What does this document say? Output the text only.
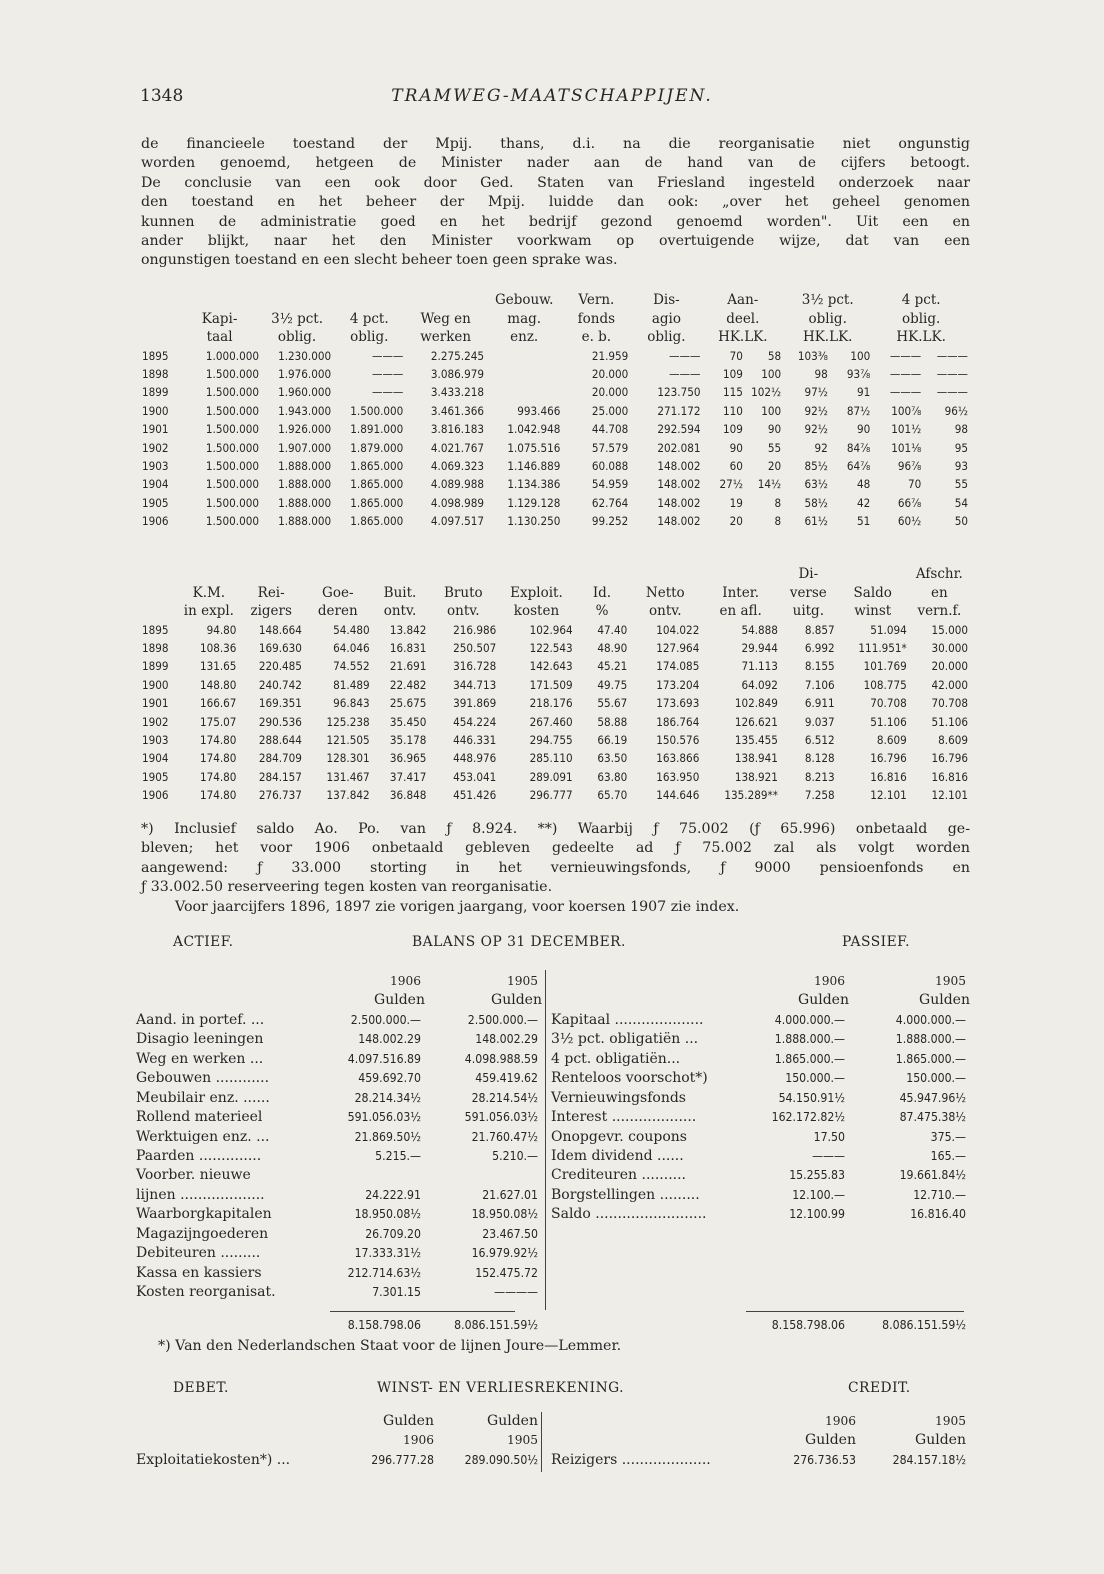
1348	TRAMWEG-MAATSCHAPPIJEN.
de financieele toestand der Mpij. thans, d.i. na die reorganisatie niet ongunstig
worden genoemd, hetgeen de Minister nader aan de hand van de cijfers betoogt.
De conclusie van een ook door Ged. Staten van Friesland ingesteld onderzoek naar
den toestand en het beheer der Mpij. luidde dan ook: „over het geheel genomen
kunnen de administratie goed en het bedrijf gezond genoemd worden". Uit een en
ander blijkt, naar het den Minister voorkwam op overtuigende wijze, dat van een
ongunstigen toestand en een slecht beheer toen geen sprake was.
					Gebouw.	Vern.	Dis-	Aan-		3½ pct.		4 pct.	
	Kapi-	3½ pct.	4 pct.	Weg en	mag.	fonds	agio	deel.		oblig.		oblig.	
	taal	oblig.	oblig.	werken	enz.	e. b.	oblig.	HK.LK.		HK.LK.		HK.LK.	
1895	1.000.000	1.230.000	———	2.275.245		21.959	———	70	58	103⅜	100	———	———
1898	1.500.000	1.976.000	———	3.086.979		20.000	———	109	100	98	93⅞	———	———
1899	1.500.000	1.960.000	———	3.433.218		20.000	123.750	115	102½	97½	91	———	———
1900	1.500.000	1.943.000	1.500.000	3.461.366	993.466	25.000	271.172	110	100	92½	87½	100⅞	96½
1901	1.500.000	1.926.000	1.891.000	3.816.183	1.042.948	44.708	292.594	109	90	92½	90	101½	98
1902	1.500.000	1.907.000	1.879.000	4.021.767	1.075.516	57.579	202.081	90	55	92	84⅞	101⅛	95
1903	1.500.000	1.888.000	1.865.000	4.069.323	1.146.889	60.088	148.002	60	20	85½	64⅞	96⅞	93
1904	1.500.000	1.888.000	1.865.000	4.089.988	1.134.386	54.959	148.002	27½	14½	63½	48	70	55
1905	1.500.000	1.888.000	1.865.000	4.098.989	1.129.128	62.764	148.002	19	8	58½	42	66⅞	54
1906	1.500.000	1.888.000	1.865.000	4.097.517	1.130.250	99.252	148.002	20	8	61½	51	60½	50
										Di-		Afschr.
	K.M.	Rei-	Goe-	Buit.	Bruto	Exploit.	Id.	Netto	Inter.	verse	Saldo	en
	in expl.	zigers	deren	ontv.	ontv.	kosten	%	ontv.	en afl.	uitg.	winst	vern.f.
1895	94.80	148.664	54.480	13.842	216.986	102.964	47.40	104.022	54.888	8.857	51.094	15.000
1898	108.36	169.630	64.046	16.831	250.507	122.543	48.90	127.964	29.944	6.992	111.951*	30.000
1899	131.65	220.485	74.552	21.691	316.728	142.643	45.21	174.085	71.113	8.155	101.769	20.000
1900	148.80	240.742	81.489	22.482	344.713	171.509	49.75	173.204	64.092	7.106	108.775	42.000
1901	166.67	169.351	96.843	25.675	391.869	218.176	55.67	173.693	102.849	6.911	70.708	70.708
1902	175.07	290.536	125.238	35.450	454.224	267.460	58.88	186.764	126.621	9.037	51.106	51.106
1903	174.80	288.644	121.505	35.178	446.331	294.755	66.19	150.576	135.455	6.512	8.609	8.609
1904	174.80	284.709	128.301	36.965	448.976	285.110	63.50	163.866	138.941	8.128	16.796	16.796
1905	174.80	284.157	131.467	37.417	453.041	289.091	63.80	163.950	138.921	8.213	16.816	16.816
1906	174.80	276.737	137.842	36.848	451.426	296.777	65.70	144.646	135.289**	7.258	12.101	12.101
*) Inclusief saldo Ao. Po. van ƒ 8.924. **) Waarbij ƒ 75.002 (ƒ 65.996) onbetaald ge-
bleven; het voor 1906 onbetaald gebleven gedeelte ad ƒ 75.002 zal als volgt worden
aangewend: ƒ 33.000 storting in het vernieuwingsfonds, ƒ 9000 pensioenfonds en
ƒ 33.002.50 reserveering tegen kosten van reorganisatie.
Voor jaarcijfers 1896, 1897 zie vorigen jaargang, voor koersen 1907 zie index.
ACTIEF.	BALANS OP 31 DECEMBER.	PASSIEF.
1906	1905
Gulden	Gulden
Aand. in portef. ...	2.500.000.—	2.500.000.—
Disagio leeningen	148.002.29	148.002.29
Weg en werken ...	4.097.516.89	4.098.988.59
Gebouwen ............	459.692.70	459.419.62
Meubilair enz. ......	28.214.34½	28.214.54½
Rollend materieel	591.056.03½	591.056.03½
Werktuigen enz. ...	21.869.50½	21.760.47½
Paarden ..............	5.215.—	5.210.—
Voorber. nieuwe
lijnen ...................	24.222.91	21.627.01
Waarborgkapitalen	18.950.08½	18.950.08½
Magazijngoederen	26.709.20	23.467.50
Debiteuren .........	17.333.31½	16.979.92½
Kassa en kassiers	212.714.63½	152.475.72
Kosten reorganisat.	7.301.15	————
8.158.798.06	8.086.151.59½
1906	1905
Gulden	Gulden
Kapitaal ....................	4.000.000.—	4.000.000.—
3½ pct. obligatiën ...	1.888.000.—	1.888.000.—
4 pct. obligatiën...	1.865.000.—	1.865.000.—
Renteloos voorschot*)	150.000.—	150.000.—
Vernieuwingsfonds	54.150.91½	45.947.96½
Interest ...................	162.172.82½	87.475.38½
Onopgevr. coupons	17.50	375.—
Idem dividend ......	———	165.—
Crediteuren ..........	15.255.83	19.661.84½
Borgstellingen .........	12.100.—	12.710.—
Saldo .........................	12.100.99	16.816.40
8.158.798.06	8.086.151.59½
*) Van den Nederlandschen Staat voor de lijnen Joure—Lemmer.
DEBET.	WINST- EN VERLIESREKENING.	CREDIT.
Gulden	Gulden
1906	1905
Exploitatiekosten*) ...	296.777.28	289.090.50½
1906	1905
Gulden	Gulden
Reizigers ....................	276.736.53	284.157.18½
